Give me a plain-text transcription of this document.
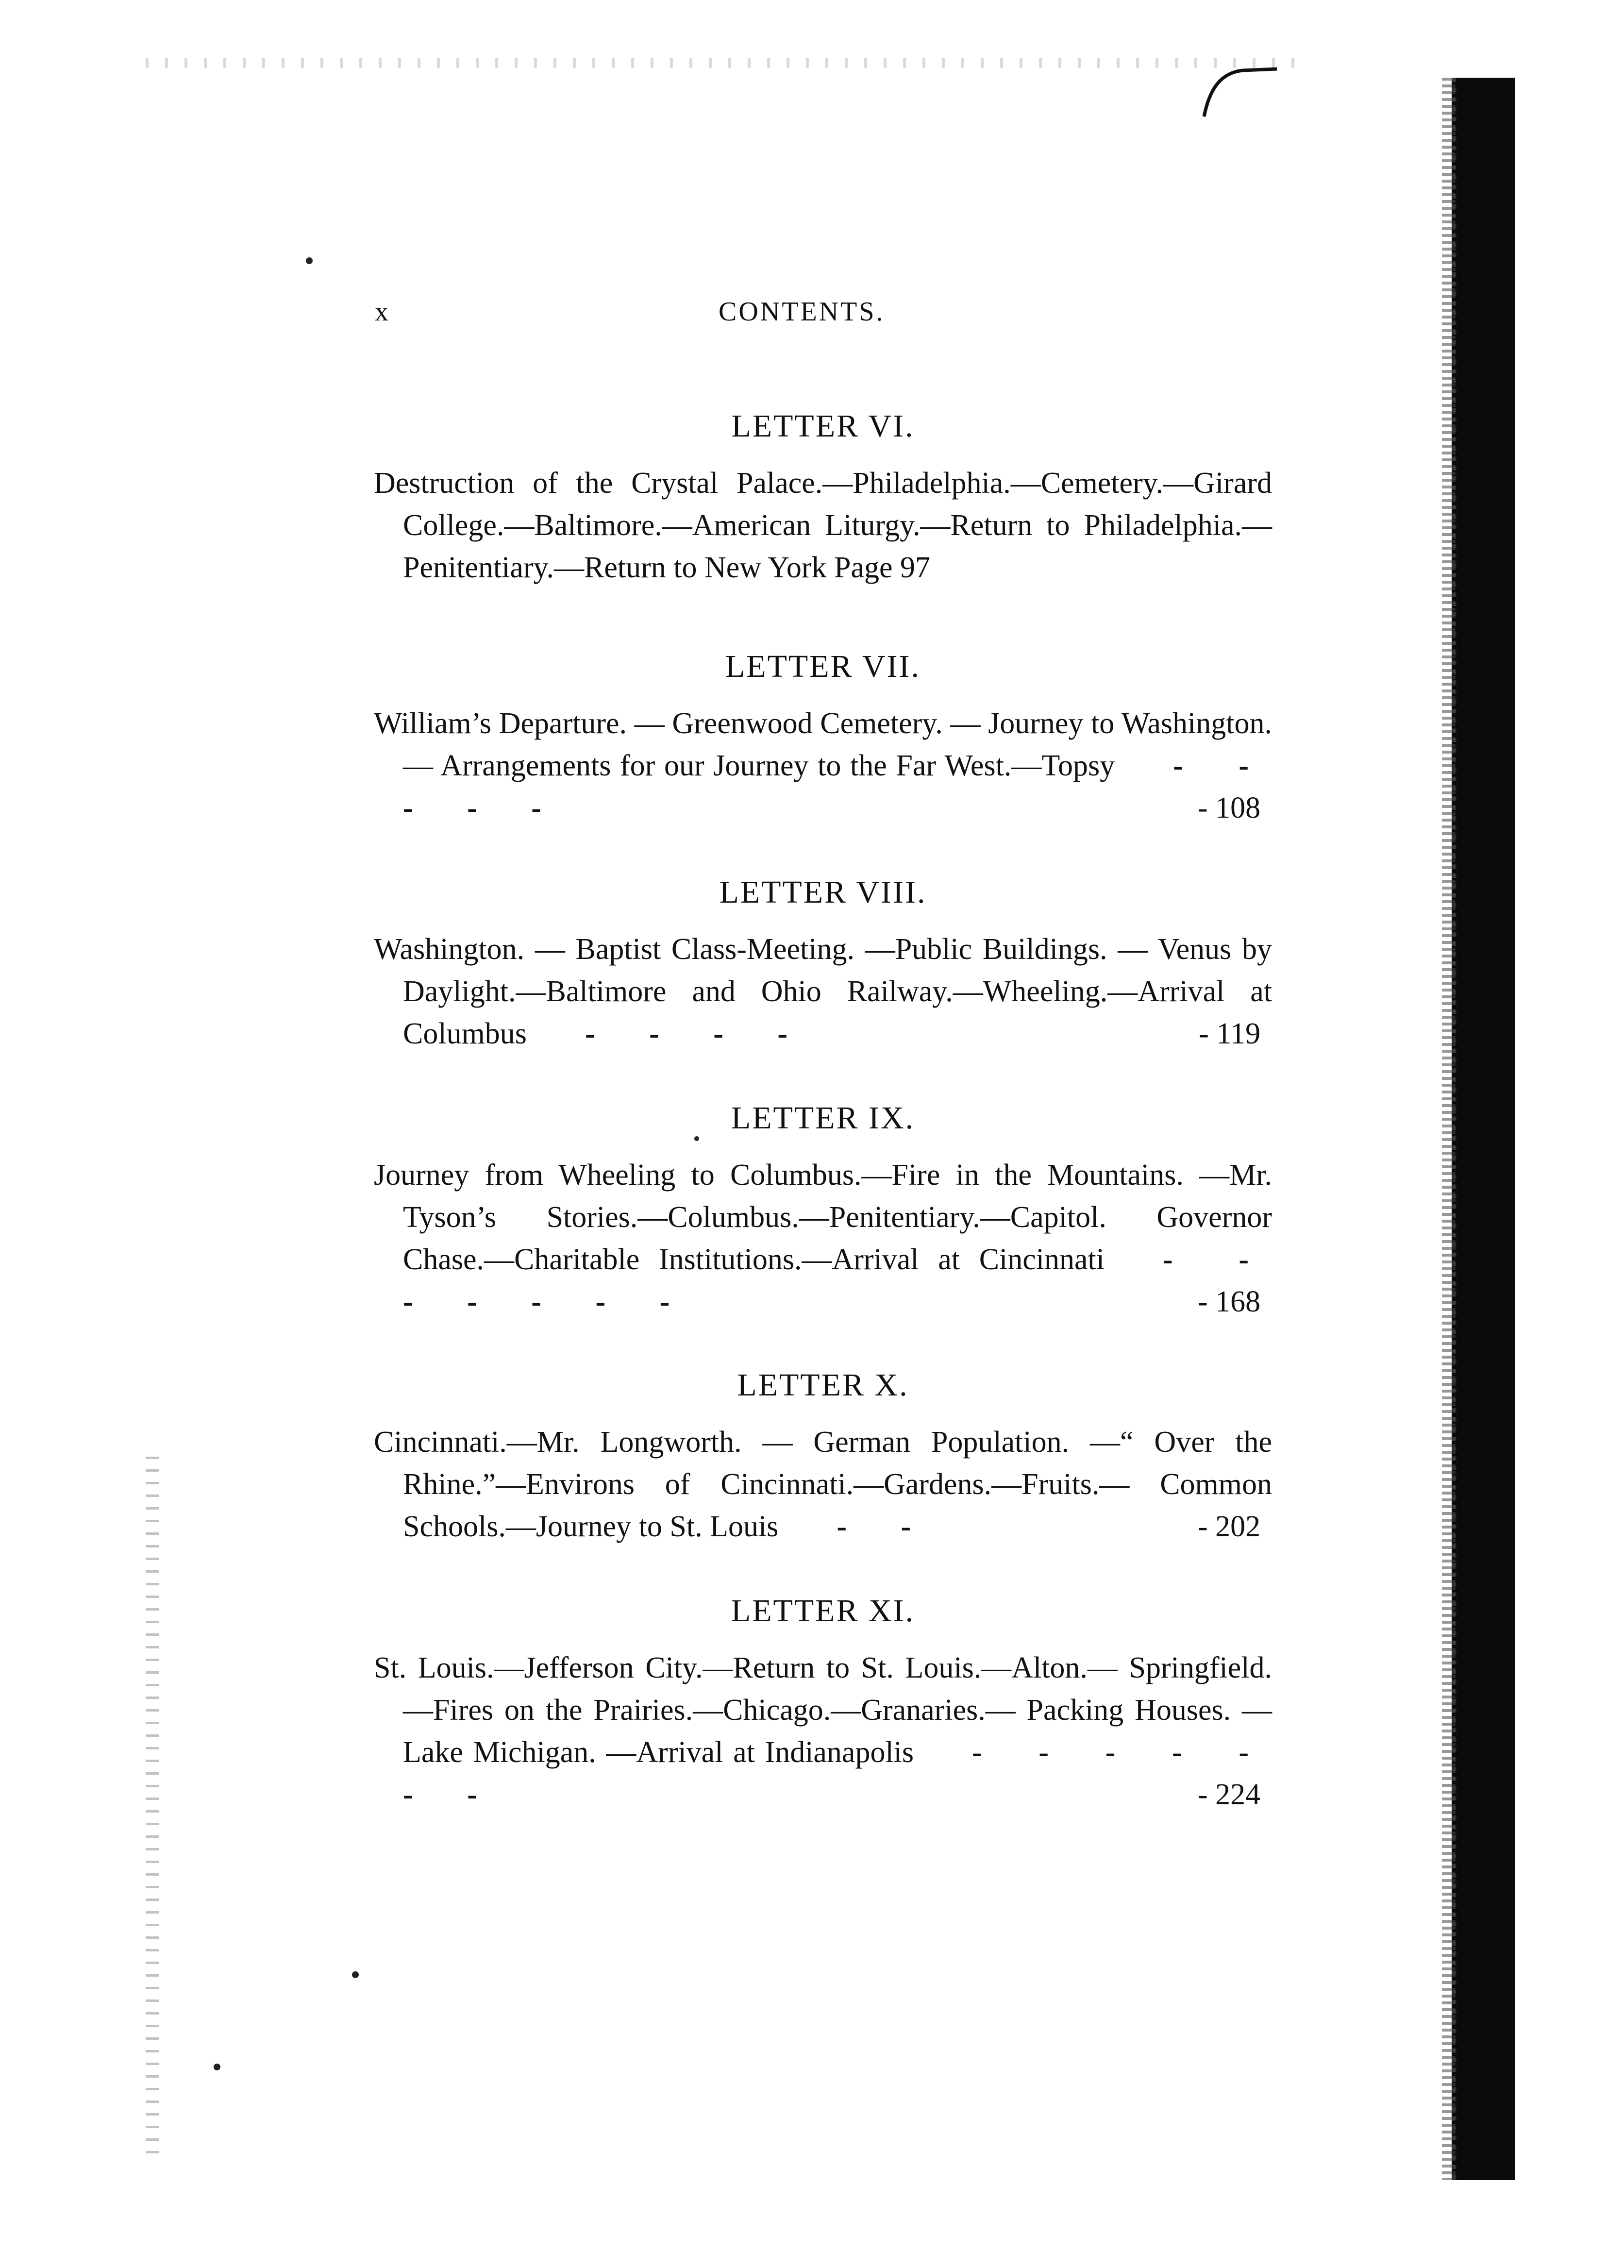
x	CONTENTS.
LETTER VI.

Destruction of the Crystal Palace.—Philadelphia.—Cemetery.—Girard College.—Baltimore.—American Liturgy.—Return to Philadelphia.—Penitentiary.—Return to New York Page 97

LETTER VII.

William’s Departure. — Greenwood Cemetery. — Journey to Washington. — Arrangements for our Journey to the Far West.—Topsy - - - - -	- 108

LETTER VIII.

Washington. — Baptist Class-Meeting. —Public Buildings. — Venus by Daylight.—Baltimore and Ohio Railway.—Wheeling.—Arrival at Columbus - - - -	- 119

LETTER IX.

Journey from Wheeling to Columbus.—Fire in the Mountains. —Mr. Tyson’s Stories.—Columbus.—Penitentiary.—Capitol. Governor Chase.—Charitable Institutions.—Arrival at Cincinnati - - - - - - -	- 168

LETTER X.

Cincinnati.—Mr. Longworth. — German Population. —“ Over the Rhine.”—Environs of Cincinnati.—Gardens.—Fruits.— Common Schools.—Journey to St. Louis - -	- 202

LETTER XI.

St. Louis.—Jefferson City.—Return to St. Louis.—Alton.— Springfield.—Fires on the Prairies.—Chicago.—Granaries.— Packing Houses. — Lake Michigan. —Arrival at Indianapolis - - - - - - -	- 224
